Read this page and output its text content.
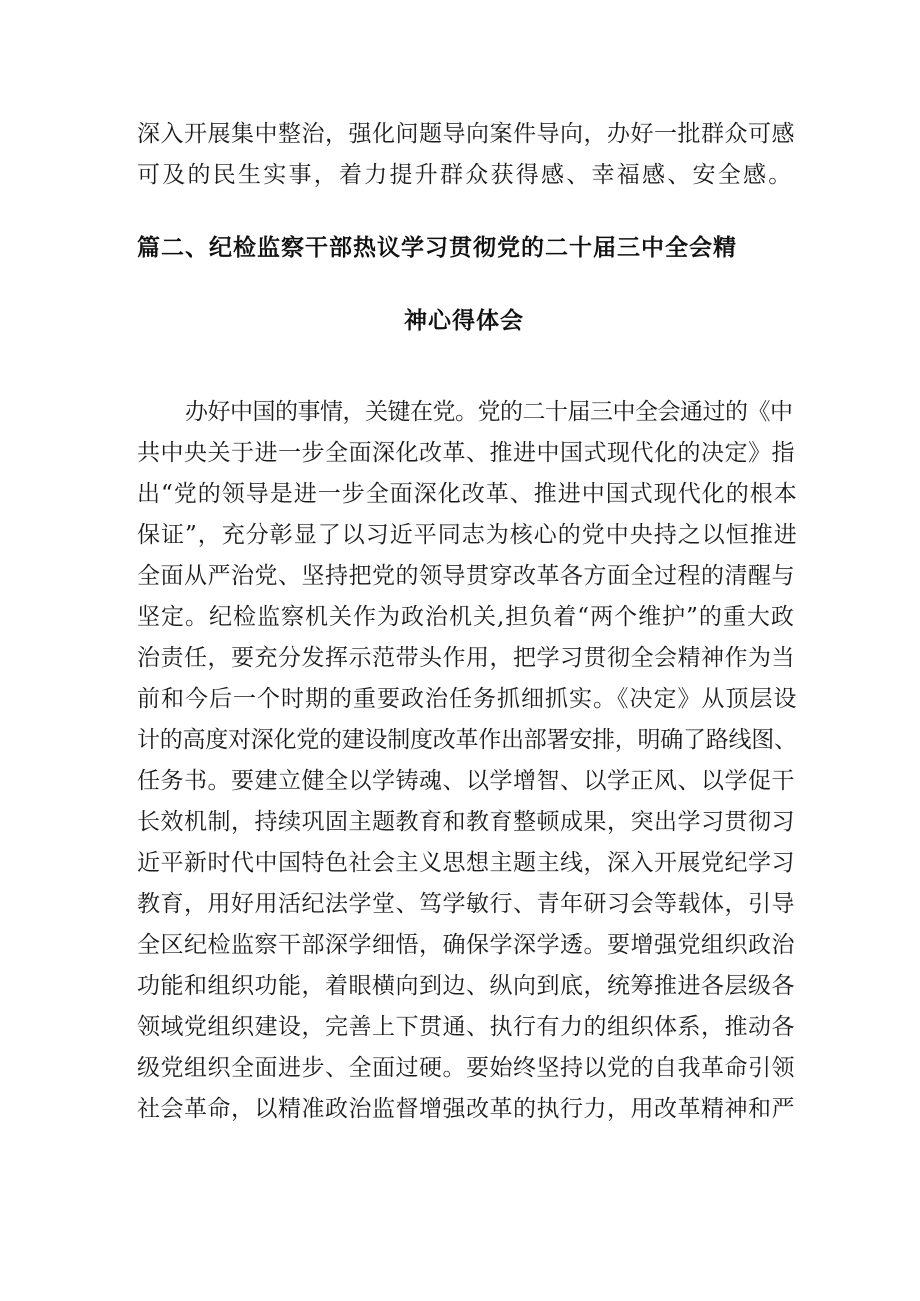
深入开展集中整治，强化问题导向案件导向，办好一批群众可感
可及的民生实事，着力提升群众获得感、幸福感、安全感。
篇二、纪检监察干部热议学习贯彻党的二十届三中全会精
神心得体会
办好中国的事情，关键在党。党的二十届三中全会通过的《中
共中央关于进一步全面深化改革、推进中国式现代化的决定》指
出“党的领导是进一步全面深化改革、推进中国式现代化的根本
保证”，充分彰显了以习近平同志为核心的党中央持之以恒推进
全面从严治党、坚持把党的领导贯穿改革各方面全过程的清醒与
坚定。纪检监察机关作为政治机关,担负着“两个维护”的重大政
治责任，要充分发挥示范带头作用，把学习贯彻全会精神作为当
前和今后一个时期的重要政治任务抓细抓实。《决定》从顶层设
计的高度对深化党的建设制度改革作出部署安排，明确了路线图、
任务书。要建立健全以学铸魂、以学增智、以学正风、以学促干
长效机制，持续巩固主题教育和教育整顿成果，突出学习贯彻习
近平新时代中国特色社会主义思想主题主线，深入开展党纪学习
教育，用好用活纪法学堂、笃学敏行、青年研习会等载体，引导
全区纪检监察干部深学细悟，确保学深学透。要增强党组织政治
功能和组织功能，着眼横向到边、纵向到底，统筹推进各层级各
领域党组织建设，完善上下贯通、执行有力的组织体系，推动各
级党组织全面进步、全面过硬。要始终坚持以党的自我革命引领
社会革命，以精准政治监督增强改革的执行力，用改革精神和严
